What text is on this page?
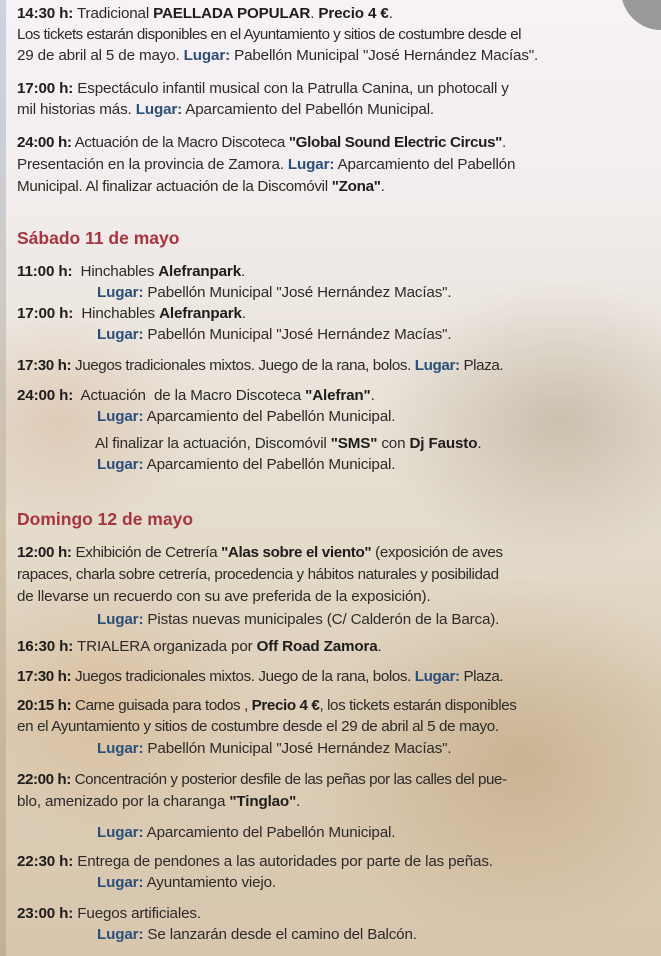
14:30 h: Tradicional PAELLADA POPULAR. Precio 4 €.
Los tickets estarán disponibles en el Ayuntamiento y sitios de costumbre desde el
29 de abril al 5 de mayo. Lugar: Pabellón Municipal "José Hernández Macías".
17:00 h: Espectáculo infantil musical con la Patrulla Canina, un photocall y
mil historias más. Lugar: Aparcamiento del Pabellón Municipal.
24:00 h: Actuación de la Macro Discoteca "Global Sound Electric Circus".
Presentación en la provincia de Zamora. Lugar: Aparcamiento del Pabellón
Municipal. Al finalizar actuación de la Discomóvil "Zona".
Sábado 11 de mayo
11:00 h:  Hinchables Alefranpark.
Lugar: Pabellón Municipal "José Hernández Macías".
17:00 h:  Hinchables Alefranpark.
Lugar: Pabellón Municipal "José Hernández Macías".
17:30 h: Juegos tradicionales mixtos. Juego de la rana, bolos. Lugar: Plaza.
24:00 h:  Actuación  de la Macro Discoteca "Alefran".
Lugar: Aparcamiento del Pabellón Municipal.
Al finalizar la actuación, Discomóvil "SMS" con Dj Fausto.
Lugar: Aparcamiento del Pabellón Municipal.
Domingo 12 de mayo
12:00 h: Exhibición de Cetrería "Alas sobre el viento" (exposición de aves
rapaces, charla sobre cetrería, procedencia y hábitos naturales y posibilidad
de llevarse un recuerdo con su ave preferida de la exposición).
Lugar: Pistas nuevas municipales (C/ Calderón de la Barca).
16:30 h: TRIALERA organizada por Off Road Zamora.
17:30 h: Juegos tradicionales mixtos. Juego de la rana, bolos. Lugar: Plaza.
20:15 h: Carne guisada para todos , Precio 4 €, los tickets estarán disponibles
en el Ayuntamiento y sitios de costumbre desde el 29 de abril al 5 de mayo.
Lugar: Pabellón Municipal "José Hernández Macías".
22:00 h: Concentración y posterior desfile de las peñas por las calles del pue-
blo, amenizado por la charanga "Tinglao".
Lugar: Aparcamiento del Pabellón Municipal.
22:30 h: Entrega de pendones a las autoridades por parte de las peñas.
Lugar: Ayuntamiento viejo.
23:00 h: Fuegos artificiales.
Lugar: Se lanzarán desde el camino del Balcón.
